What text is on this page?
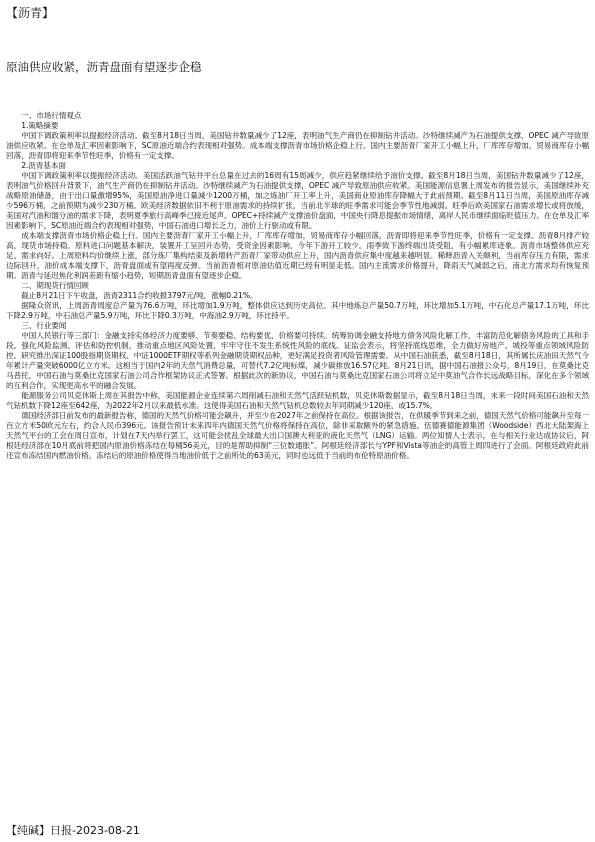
【沥青】
原油供应收紧，沥青盘面有望逐步企稳

一、市场行情观点

1.策略摘要

中国下调政策利率以提振经济活动。截至8月18日当周，美国钻井数量减少了12座，表明油气生产商仍在抑制钻井活动。沙特继续减产为石油提供支撑，OPEC 减产导致原油供应收紧。在仓单及汇率因素影响下，SC原油近端合约表现相对强势。成本端支撑沥青市场价格企稳上行。国内主要沥青厂家开工小幅上升，厂库库存增加，贸易商库存小幅回落，沥青即将迎来季节性旺季，价格有一定支撑。

2.沥青基本面

中国下调政策利率以提振经济活动。美国活跃油气钻井平台总量在过去的16周有15周减少，供应趋紧继续给予油价支撑。截至8月18日当周，美国钻井数量减少了12座，表明油气价格回升背景下，油气生产商仍在抑制钻井活动。沙特继续减产为石油提供支撑，OPEC 减产导致原油供应收紧。美国能源信息署上周发布的报告显示，美国继续补充战略原油储备，由于出口量激增95%，美国原油净进口量减少1200万桶，加之炼油厂开工率上升，美国商业原油库存降幅大于此前预期。截至8月11日当周，美国原油库存减少596万桶，之前预期为减少230万桶。欧美经济数据依旧不利于原油需求的持续扩张，当前北半球的旺季需求可能会季节性地减弱。旺季后欧美国家石油需求增长或将放缓，美国对汽油和馏分油的需求下降，表明夏季旅行高峰季已接近尾声。OPEC+持续减产支撑油价盘面，中国央行降息提振市场情绪，离岸人民币继续面临贬值压力。在仓单及汇率因素影响下，SC原油近端合约表现相对强势，中国石油进口增长乏力，油价上行驱动或有限。

成本端支撑沥青市场价格企稳上行。国内主要沥青厂家开工小幅上升，厂库库存增加，贸易商库存小幅回落，沥青即将迎来季节性旺季，价格有一定支撑。沥青8月排产较高，现货市场持稳。原料进口问题基本解决，装置开工呈回升态势，受资金因素影响，今年下游开工较少。雨季致下游终端出货受阻，有小幅累库迹象。沥青市场整体供应充足、需求向好。上周原料均价继续上涨，部分炼厂集构结束及新增转产沥青厂家带动供应上升，国内沥青供应集中度越来越明显。稀释沥青入关顺利，当前库存压力有限，需求边际回升，油价成本端支撑下，沥青盘面或有望再度反弹。当前沥青相对原油估值近期已经有明显走低。国内主流需求价格提升，降雨天气减弱之后，南北方需求均有恢复预期。沥青与延迟焦化利润差距有缩小趋势，短期沥青盘面有望逐步企稳。

二、期现货行情回顾

截止8月21日下午收盘，沥青2311合约收报3797元/吨，涨幅0.21%。

据隆众资讯，上周沥青周度总产量为76.6万吨，环比增加1.9万吨，整体供应达到历史高位。其中地炼总产量50.7万吨，环比增加5.1万吨，中石化总产量17.1万吨，环比下降2.9万吨，中石油总产量5.9万吨，环比下降0.3万吨，中海油2.9万吨，环比持平。

三、行业要闻

中国人民银行等三部门：金融支持实体经济力度要够、节奏要稳、结构要优、价格要可持续。统筹协调金融支持地方债务风险化解工作，丰富防范化解债务风险的工具和手段，强化风险监测、评估和防控机制，推动重点地区风险处置，牢牢守住不发生系统性风险的底线。证监会表示，将坚持底线思维，全力做好房地产、城投等重点领域风险防控。研究推出深证100股指期货期权、中证1000ETF期权等系列金融期货期权品种，更好满足投资者风险管理需要。从中国石油获悉，截至8月18日，其所属长庆油田天然气今年累计产量突破6000亿立方米。这相当于国内2年的天然气消费总量，可替代7.2亿吨标煤，减少碳排放16.57亿吨。8月21日讯，据中国石油报公众号，8月19日，在莫桑比克马普托，中国石油与莫桑比克国家石油公司合作框架协议正式签署。根据此次的新协议，中国石油与莫桑比克国家石油公司将立足中莫油气合作长远战略目标，深化在多个领域的互利合作，实现更高水平的融合发展。

能源服务公司贝克休斯上周在其报告中称，美国能源企业连续第六周削减石油和天然气活跃钻机数，贝克休斯数据显示，截至8月18日当周，未来一段时间美国石油和天然气钻机数下降12座至642座，为2022年2月以来最低水准。这使得美国石油和天然气钻机总数较去年同期减少120座，或15.7%。

德国经济部日前发布的最新报告称，德国的天然气价格可能会飙升，并至少在2027年之前保持在高位。根据该报告，在供暖季节到来之前，德国天然气价格可能飙升至每一百立方米50欧元左右，约合人民币396元。该报告预计未来四年内德国天然气价格将保持在高位，除非采取额外的紧急措施。伍德赛德能源集团（Woodside）西北大陆架海上天然气平台的工会在周日宣布，计划在7天内举行罢工，这可能会扰乱全球最大出口国澳大利亚的液化天然气（LNG）运输。两位知情人士表示，在与相关行业达成协议后，阿根廷经济部在10月底前将把国内原油价格冻结在每桶56美元，目的是帮助抑制“三位数通胀”。阿根廷经济部长与YPF和Vista等油企的高管上周四进行了会面。阿根廷政府此前还宣布冻结国内燃油价格。冻结后的原油价格使得当地油价低于之前所处的63美元，同时也远低于当前的布伦特原油价格。

【纯碱】日报-2023-08-21
